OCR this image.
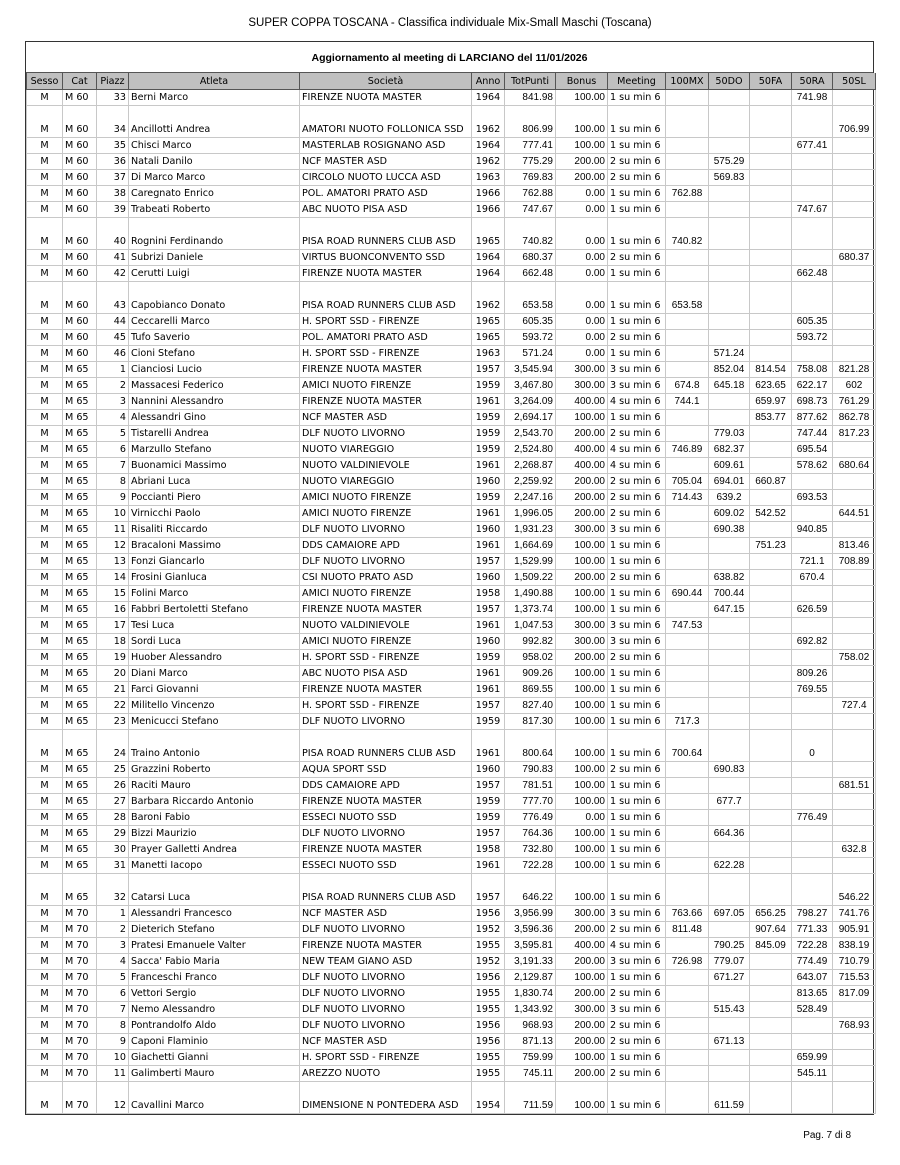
SUPER COPPA TOSCANA - Classifica individuale Mix-Small Maschi (Toscana)
Aggiornamento al meeting di LARCIANO del 11/01/2026
Sesso	Cat	Piazz	Atleta	Società	Anno	TotPunti	Bonus	Meeting	100MX	50DO	50FA	50RA	50SL
M	M 60	33	Berni Marco	FIRENZE NUOTA MASTER	1964	841.98	100.00	1 su min 6				741.98	
M	M 60	34	Ancillotti Andrea	AMATORI NUOTO FOLLONICA SSD	1962	806.99	100.00	1 su min 6					706.99
M	M 60	35	Chisci Marco	MASTERLAB ROSIGNANO ASD	1964	777.41	100.00	1 su min 6				677.41	
M	M 60	36	Natali Danilo	NCF MASTER ASD	1962	775.29	200.00	2 su min 6		575.29			
M	M 60	37	Di Marco Marco	CIRCOLO NUOTO LUCCA ASD	1963	769.83	200.00	2 su min 6		569.83			
M	M 60	38	Caregnato Enrico	POL. AMATORI PRATO ASD	1966	762.88	0.00	1 su min 6	762.88				
M	M 60	39	Trabeati Roberto	ABC NUOTO PISA ASD	1966	747.67	0.00	1 su min 6				747.67	
M	M 60	40	Rognini Ferdinando	PISA ROAD RUNNERS CLUB ASD	1965	740.82	0.00	1 su min 6	740.82				
M	M 60	41	Subrizi Daniele	VIRTUS BUONCONVENTO SSD	1964	680.37	0.00	2 su min 6					680.37
M	M 60	42	Cerutti Luigi	FIRENZE NUOTA MASTER	1964	662.48	0.00	1 su min 6				662.48	
M	M 60	43	Capobianco Donato	PISA ROAD RUNNERS CLUB ASD	1962	653.58	0.00	1 su min 6	653.58				
M	M 60	44	Ceccarelli Marco	H. SPORT SSD - FIRENZE	1965	605.35	0.00	1 su min 6				605.35	
M	M 60	45	Tufo Saverio	POL. AMATORI PRATO ASD	1965	593.72	0.00	2 su min 6				593.72	
M	M 60	46	Cioni Stefano	H. SPORT SSD - FIRENZE	1963	571.24	0.00	1 su min 6		571.24			
M	M 65	1	Cianciosi Lucio	FIRENZE NUOTA MASTER	1957	3,545.94	300.00	3 su min 6		852.04	814.54	758.08	821.28
M	M 65	2	Massacesi Federico	AMICI NUOTO FIRENZE	1959	3,467.80	300.00	3 su min 6	674.8	645.18	623.65	622.17	602
M	M 65	3	Nannini Alessandro	FIRENZE NUOTA MASTER	1961	3,264.09	400.00	4 su min 6	744.1		659.97	698.73	761.29
M	M 65	4	Alessandri Gino	NCF MASTER ASD	1959	2,694.17	100.00	1 su min 6			853.77	877.62	862.78
M	M 65	5	Tistarelli Andrea	DLF NUOTO LIVORNO	1959	2,543.70	200.00	2 su min 6		779.03		747.44	817.23
M	M 65	6	Marzullo Stefano	NUOTO VIAREGGIO	1959	2,524.80	400.00	4 su min 6	746.89	682.37		695.54	
M	M 65	7	Buonamici Massimo	NUOTO VALDINIEVOLE	1961	2,268.87	400.00	4 su min 6		609.61		578.62	680.64
M	M 65	8	Abriani Luca	NUOTO VIAREGGIO	1960	2,259.92	200.00	2 su min 6	705.04	694.01	660.87		
M	M 65	9	Poccianti Piero	AMICI NUOTO FIRENZE	1959	2,247.16	200.00	2 su min 6	714.43	639.2		693.53	
M	M 65	10	Virnicchi Paolo	AMICI NUOTO FIRENZE	1961	1,996.05	200.00	2 su min 6		609.02	542.52		644.51
M	M 65	11	Risaliti Riccardo	DLF NUOTO LIVORNO	1960	1,931.23	300.00	3 su min 6		690.38		940.85	
M	M 65	12	Bracaloni Massimo	DDS CAMAIORE APD	1961	1,664.69	100.00	1 su min 6			751.23		813.46
M	M 65	13	Fonzi Giancarlo	DLF NUOTO LIVORNO	1957	1,529.99	100.00	1 su min 6				721.1	708.89
M	M 65	14	Frosini Gianluca	CSI NUOTO PRATO ASD	1960	1,509.22	200.00	2 su min 6		638.82		670.4	
M	M 65	15	Folini Marco	AMICI NUOTO FIRENZE	1958	1,490.88	100.00	1 su min 6	690.44	700.44			
M	M 65	16	Fabbri Bertoletti Stefano	FIRENZE NUOTA MASTER	1957	1,373.74	100.00	1 su min 6		647.15		626.59	
M	M 65	17	Tesi Luca	NUOTO VALDINIEVOLE	1961	1,047.53	300.00	3 su min 6	747.53				
M	M 65	18	Sordi Luca	AMICI NUOTO FIRENZE	1960	992.82	300.00	3 su min 6				692.82	
M	M 65	19	Huober Alessandro	H. SPORT SSD - FIRENZE	1959	958.02	200.00	2 su min 6					758.02
M	M 65	20	Diani Marco	ABC NUOTO PISA ASD	1961	909.26	100.00	1 su min 6				809.26	
M	M 65	21	Farci Giovanni	FIRENZE NUOTA MASTER	1961	869.55	100.00	1 su min 6				769.55	
M	M 65	22	Militello Vincenzo	H. SPORT SSD - FIRENZE	1957	827.40	100.00	1 su min 6					727.4
M	M 65	23	Menicucci Stefano	DLF NUOTO LIVORNO	1959	817.30	100.00	1 su min 6	717.3				
M	M 65	24	Traino Antonio	PISA ROAD RUNNERS CLUB ASD	1961	800.64	100.00	1 su min 6	700.64			0	
M	M 65	25	Grazzini Roberto	AQUA SPORT SSD	1960	790.83	100.00	2 su min 6		690.83			
M	M 65	26	Raciti Mauro	DDS CAMAIORE APD	1957	781.51	100.00	1 su min 6					681.51
M	M 65	27	Barbara Riccardo Antonio	FIRENZE NUOTA MASTER	1959	777.70	100.00	1 su min 6		677.7			
M	M 65	28	Baroni Fabio	ESSECI NUOTO SSD	1959	776.49	0.00	1 su min 6				776.49	
M	M 65	29	Bizzi Maurizio	DLF NUOTO LIVORNO	1957	764.36	100.00	1 su min 6		664.36			
M	M 65	30	Prayer Galletti Andrea	FIRENZE NUOTA MASTER	1958	732.80	100.00	1 su min 6					632.8
M	M 65	31	Manetti Iacopo	ESSECI NUOTO SSD	1961	722.28	100.00	1 su min 6		622.28			
M	M 65	32	Catarsi Luca	PISA ROAD RUNNERS CLUB ASD	1957	646.22	100.00	1 su min 6					546.22
M	M 70	1	Alessandri Francesco	NCF MASTER ASD	1956	3,956.99	300.00	3 su min 6	763.66	697.05	656.25	798.27	741.76
M	M 70	2	Dieterich Stefano	DLF NUOTO LIVORNO	1952	3,596.36	200.00	2 su min 6	811.48		907.64	771.33	905.91
M	M 70	3	Pratesi Emanuele Valter	FIRENZE NUOTA MASTER	1955	3,595.81	400.00	4 su min 6		790.25	845.09	722.28	838.19
M	M 70	4	Sacca' Fabio Maria	NEW TEAM GIANO ASD	1952	3,191.33	200.00	3 su min 6	726.98	779.07		774.49	710.79
M	M 70	5	Franceschi Franco	DLF NUOTO LIVORNO	1956	2,129.87	100.00	1 su min 6		671.27		643.07	715.53
M	M 70	6	Vettori Sergio	DLF NUOTO LIVORNO	1955	1,830.74	200.00	2 su min 6				813.65	817.09
M	M 70	7	Nemo Alessandro	DLF NUOTO LIVORNO	1955	1,343.92	300.00	3 su min 6		515.43		528.49	
M	M 70	8	Pontrandolfo Aldo	DLF NUOTO LIVORNO	1956	968.93	200.00	2 su min 6					768.93
M	M 70	9	Caponi Flaminio	NCF MASTER ASD	1956	871.13	200.00	2 su min 6		671.13			
M	M 70	10	Giachetti Gianni	H. SPORT SSD - FIRENZE	1955	759.99	100.00	1 su min 6				659.99	
M	M 70	11	Galimberti Mauro	AREZZO NUOTO	1955	745.11	200.00	2 su min 6				545.11	
M	M 70	12	Cavallini Marco	DIMENSIONE N PONTEDERA ASD	1954	711.59	100.00	1 su min 6		611.59			
Pag. 7 di 8
